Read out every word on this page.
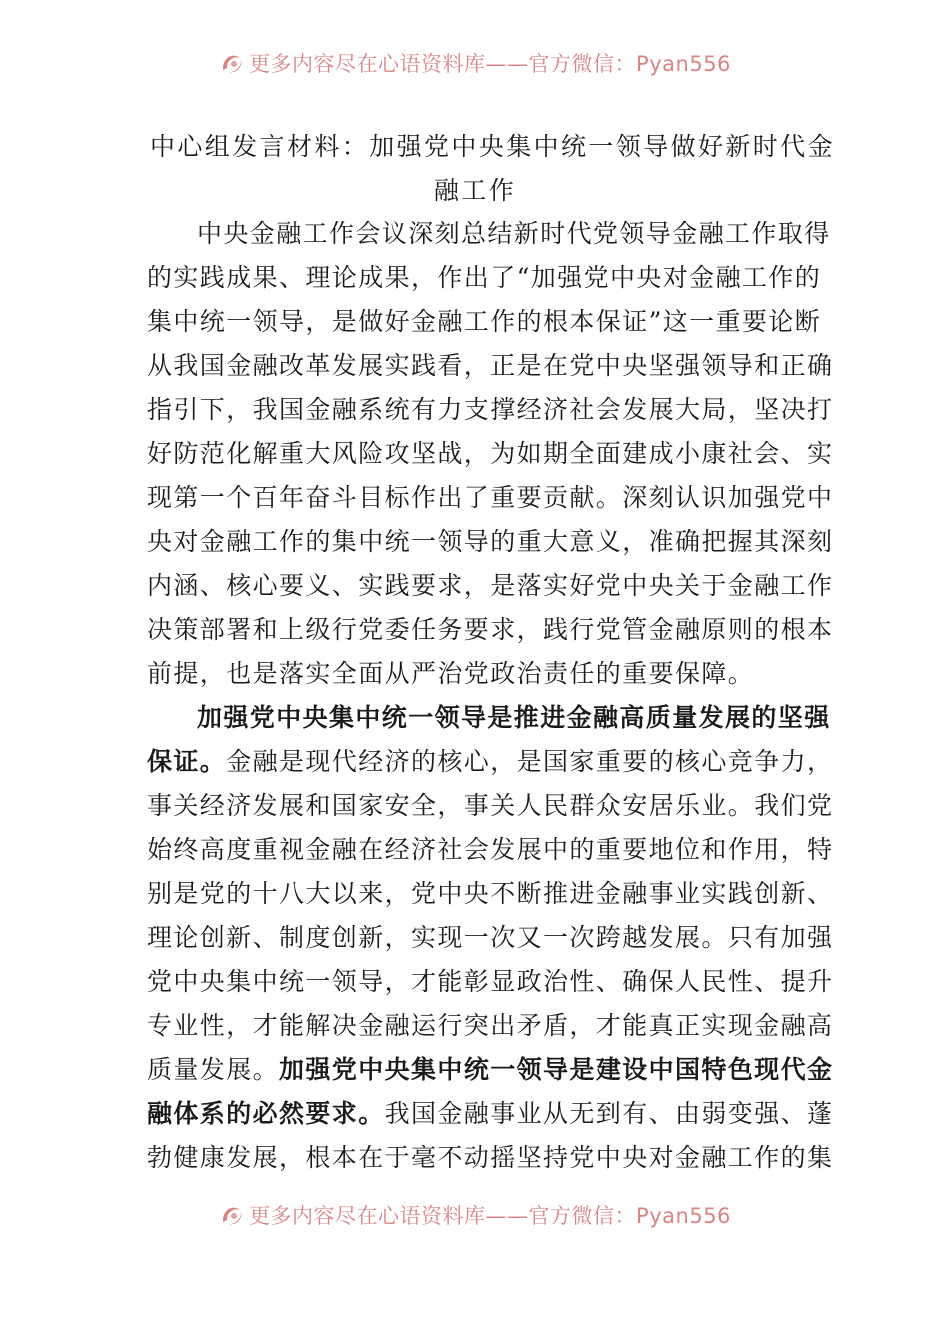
更多内容尽在心语资料库——官方微信：Pyan556
中心组发言材料：加强党中央集中统一领导做好新时代金
融工作
中央金融工作会议深刻总结新时代党领导金融工作取得
的实践成果、理论成果，作出了“加强党中央对金融工作的
集中统一领导，是做好金融工作的根本保证”这一重要论断
从我国金融改革发展实践看，正是在党中央坚强领导和正确
指引下，我国金融系统有力支撑经济社会发展大局，坚决打
好防范化解重大风险攻坚战，为如期全面建成小康社会、实
现第一个百年奋斗目标作出了重要贡献。深刻认识加强党中
央对金融工作的集中统一领导的重大意义，准确把握其深刻
内涵、核心要义、实践要求，是落实好党中央关于金融工作
决策部署和上级行党委任务要求，践行党管金融原则的根本
前提，也是落实全面从严治党政治责任的重要保障。
加强党中央集中统一领导是推进金融高质量发展的坚强
保证。金融是现代经济的核心，是国家重要的核心竞争力，
事关经济发展和国家安全，事关人民群众安居乐业。我们党
始终高度重视金融在经济社会发展中的重要地位和作用，特
别是党的十八大以来，党中央不断推进金融事业实践创新、
理论创新、制度创新，实现一次又一次跨越发展。只有加强
党中央集中统一领导，才能彰显政治性、确保人民性、提升
专业性，才能解决金融运行突出矛盾，才能真正实现金融高
质量发展。加强党中央集中统一领导是建设中国特色现代金
融体系的必然要求。我国金融事业从无到有、由弱变强、蓬
勃健康发展，根本在于毫不动摇坚持党中央对金融工作的集
更多内容尽在心语资料库——官方微信：Pyan556
